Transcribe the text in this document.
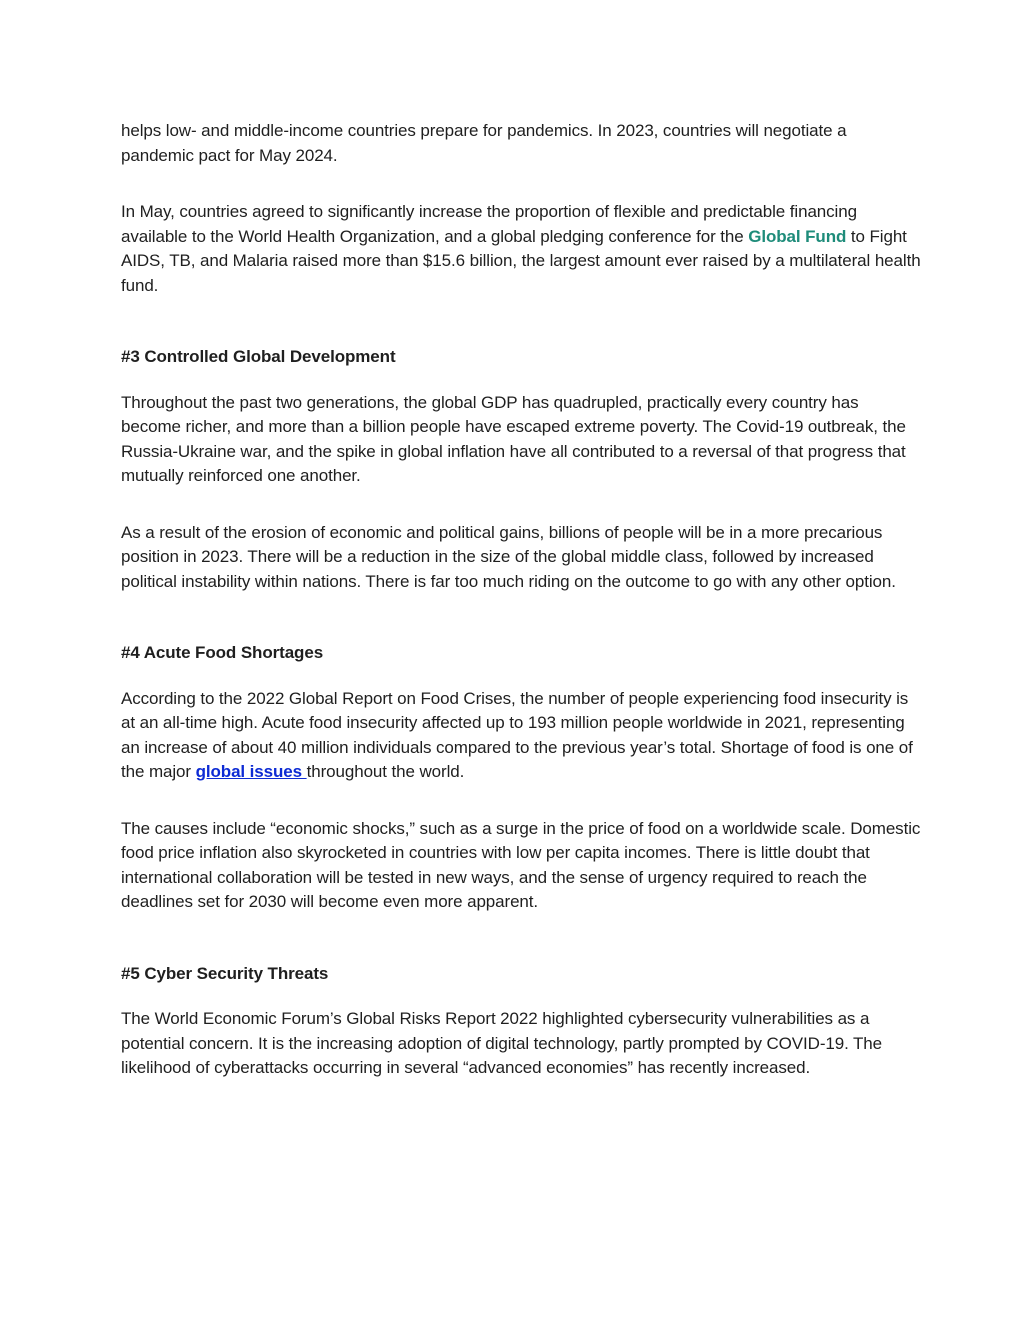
helps low- and middle-income countries prepare for pandemics. In 2023, countries will negotiate a pandemic pact for May 2024.

In May, countries agreed to significantly increase the proportion of flexible and predictable financing available to the World Health Organization, and a global pledging conference for the Global Fund to Fight AIDS, TB, and Malaria raised more than $15.6 billion, the largest amount ever raised by a multilateral health fund.

#3 Controlled Global Development

Throughout the past two generations, the global GDP has quadrupled, practically every country has become richer, and more than a billion people have escaped extreme poverty. The Covid-19 outbreak, the Russia-Ukraine war, and the spike in global inflation have all contributed to a reversal of that progress that mutually reinforced one another.

As a result of the erosion of economic and political gains, billions of people will be in a more precarious position in 2023. There will be a reduction in the size of the global middle class, followed by increased political instability within nations. There is far too much riding on the outcome to go with any other option.

#4 Acute Food Shortages

According to the 2022 Global Report on Food Crises, the number of people experiencing food insecurity is at an all-time high. Acute food insecurity affected up to 193 million people worldwide in 2021, representing an increase of about 40 million individuals compared to the previous year’s total. Shortage of food is one of the major global issues throughout the world.

The causes include “economic shocks,” such as a surge in the price of food on a worldwide scale. Domestic food price inflation also skyrocketed in countries with low per capita incomes. There is little doubt that international collaboration will be tested in new ways, and the sense of urgency required to reach the deadlines set for 2030 will become even more apparent.

#5 Cyber Security Threats

The World Economic Forum’s Global Risks Report 2022 highlighted cybersecurity vulnerabilities as a potential concern. It is the increasing adoption of digital technology, partly prompted by COVID-19. The likelihood of cyberattacks occurring in several “advanced economies” has recently increased.
